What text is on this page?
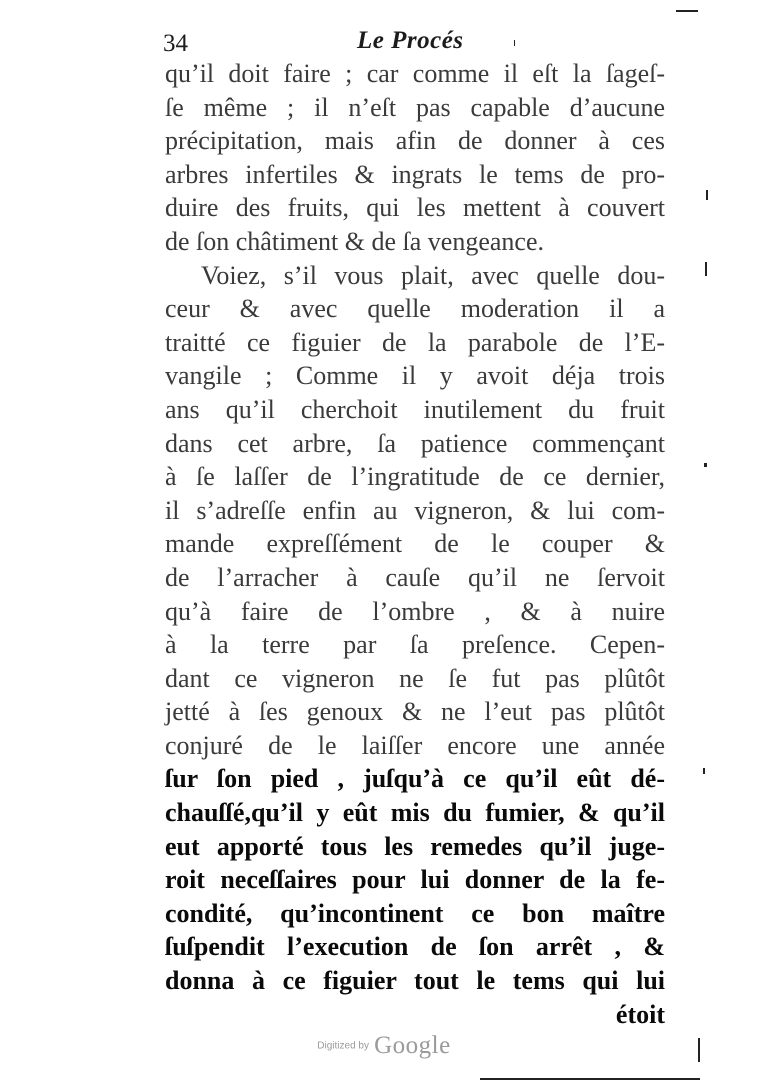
34	Le Procés
qu’il doit faire ; car comme il eſt la ſageſ-
ſe même ; il n’eſt pas capable d’aucune
précipitation, mais afin de donner à ces
arbres infertiles & ingrats le tems de pro-
duire des fruits, qui les mettent à couvert
de ſon châtiment & de ſa vengeance.
Voiez, s’il vous plait, avec quelle dou-
ceur & avec quelle moderation il a
traitté ce figuier de la parabole de l’E-
vangile ; Comme il y avoit déja trois
ans qu’il cherchoit inutilement du fruit
dans cet arbre, ſa patience commençant
à ſe laſſer de l’ingratitude de ce dernier,
il s’adreſſe enfin au vigneron, & lui com-
mande expreſſément de le couper &
de l’arracher à cauſe qu’il ne ſervoit
qu’à faire de l’ombre , & à nuire
à la terre par ſa preſence. Cepen-
dant ce vigneron ne ſe fut pas plûtôt
jetté à ſes genoux & ne l’eut pas plûtôt
conjuré de le laiſſer encore une année
ſur ſon pied , juſqu’à ce qu’il eût dé-
chauſſé,qu’il y eût mis du fumier, & qu’il
eut apporté tous les remedes qu’il juge-
roit neceſſaires pour lui donner de la fe-
condité, qu’incontinent ce bon maître
ſuſpendit l’execution de ſon arrêt , &
donna à ce figuier tout le tems qui lui
étoit
Digitized by Google
